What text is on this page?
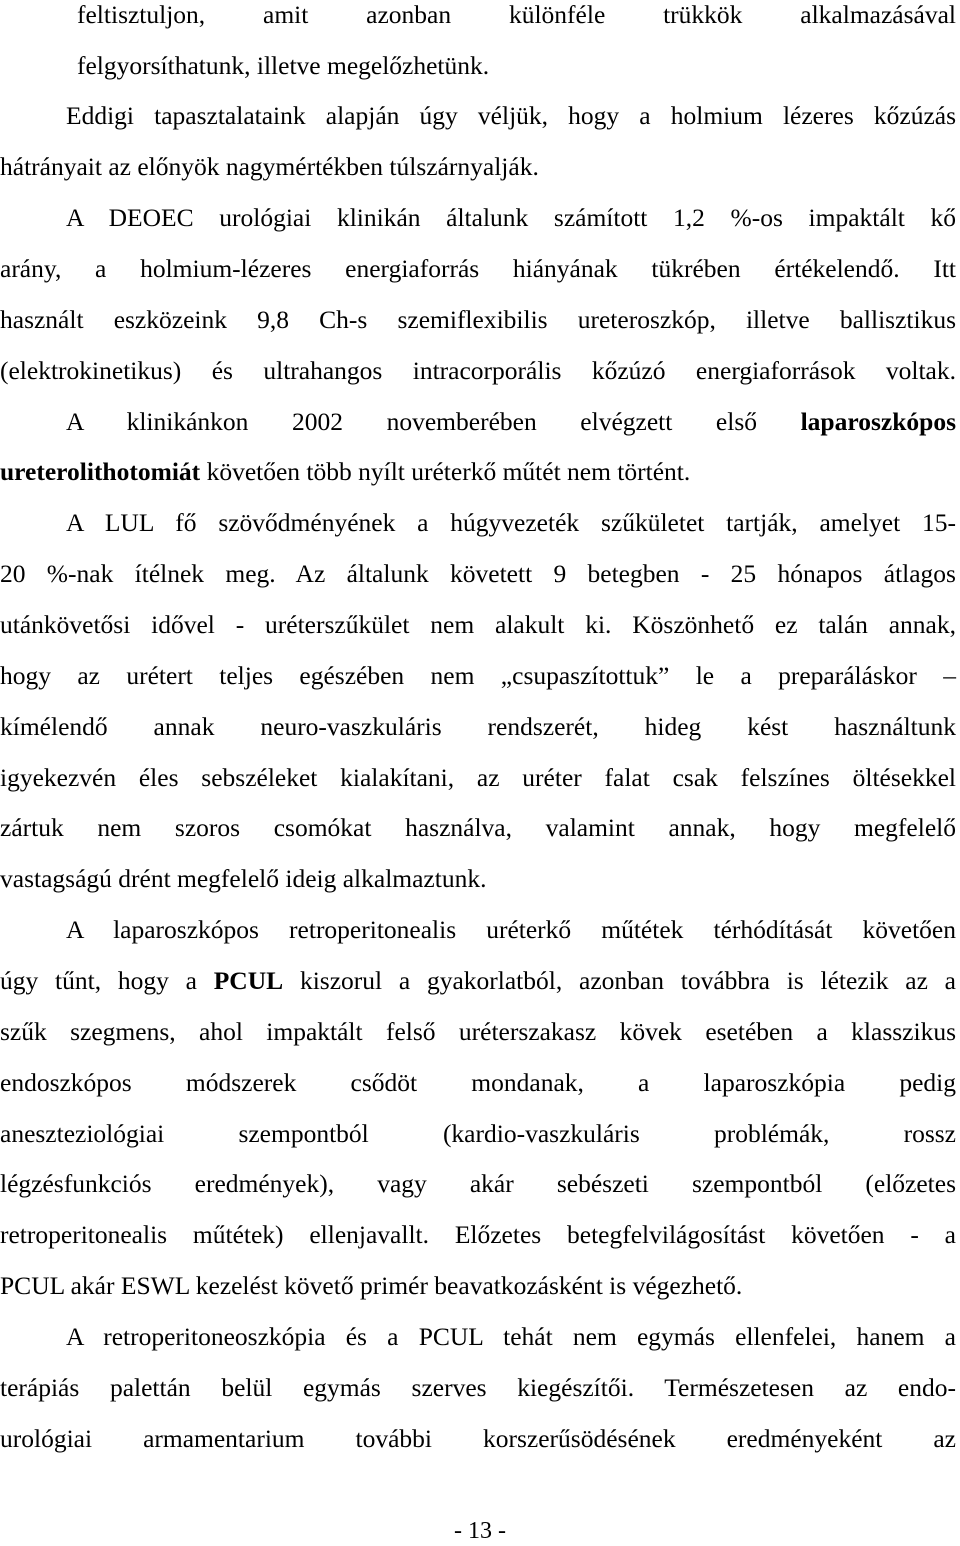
feltisztuljon, amit azonban különféle trükkök alkalmazásával
felgyorsíthatunk, illetve megelőzhetünk.
Eddigi tapasztalataink alapján úgy véljük, hogy a holmium lézeres kőzúzás
hátrányait az előnyök nagymértékben túlszárnyalják.
A DEOEC urológiai klinikán általunk számított 1,2 %-os impaktált kő
arány, a holmium-lézeres energiaforrás hiányának tükrében értékelendő. Itt
használt eszközeink 9,8 Ch-s szemiflexibilis ureteroszkóp, illetve ballisztikus
(elektrokinetikus) és ultrahangos intracorporális kőzúzó energiaforrások voltak.
A klinikánkon 2002 novemberében elvégzett első laparoszkópos
ureterolithotomiát követően több nyílt uréterkő műtét nem történt.
A LUL fő szövődményének a húgyvezeték szűkületet tartják, amelyet 15-
20 %-nak ítélnek meg. Az általunk követett 9 betegben - 25 hónapos átlagos
utánkövetősi idővel - uréterszűkület nem alakult ki. Köszönhető ez talán annak,
hogy az urétert teljes egészében nem „csupaszítottuk” le a preparáláskor –
kímélendő annak neuro-vaszkuláris rendszerét, hideg kést használtunk
igyekezvén éles sebszéleket kialakítani, az uréter falat csak felszínes öltésekkel
zártuk nem szoros csomókat használva, valamint annak, hogy megfelelő
vastagságú drént megfelelő ideig alkalmaztunk.
A laparoszkópos retroperitonealis uréterkő műtétek térhódítását követően
úgy tűnt, hogy a PCUL kiszorul a gyakorlatból, azonban továbbra is létezik az a
szűk szegmens, ahol impaktált felső uréterszakasz kövek esetében a klasszikus
endoszkópos módszerek csődöt mondanak, a laparoszkópia pedig
aneszteziológiai szempontból (kardio-vaszkuláris problémák, rossz
légzésfunkciós eredmények), vagy akár sebészeti szempontból (előzetes
retroperitonealis műtétek) ellenjavallt. Előzetes betegfelvilágosítást követően - a
PCUL akár ESWL kezelést követő primér beavatkozásként is végezhető.
A retroperitoneoszkópia és a PCUL tehát nem egymás ellenfelei, hanem a
terápiás palettán belül egymás szerves kiegészítői. Természetesen az endo-
urológiai armamentarium további korszerűsödésének eredményeként az
- 13 -
